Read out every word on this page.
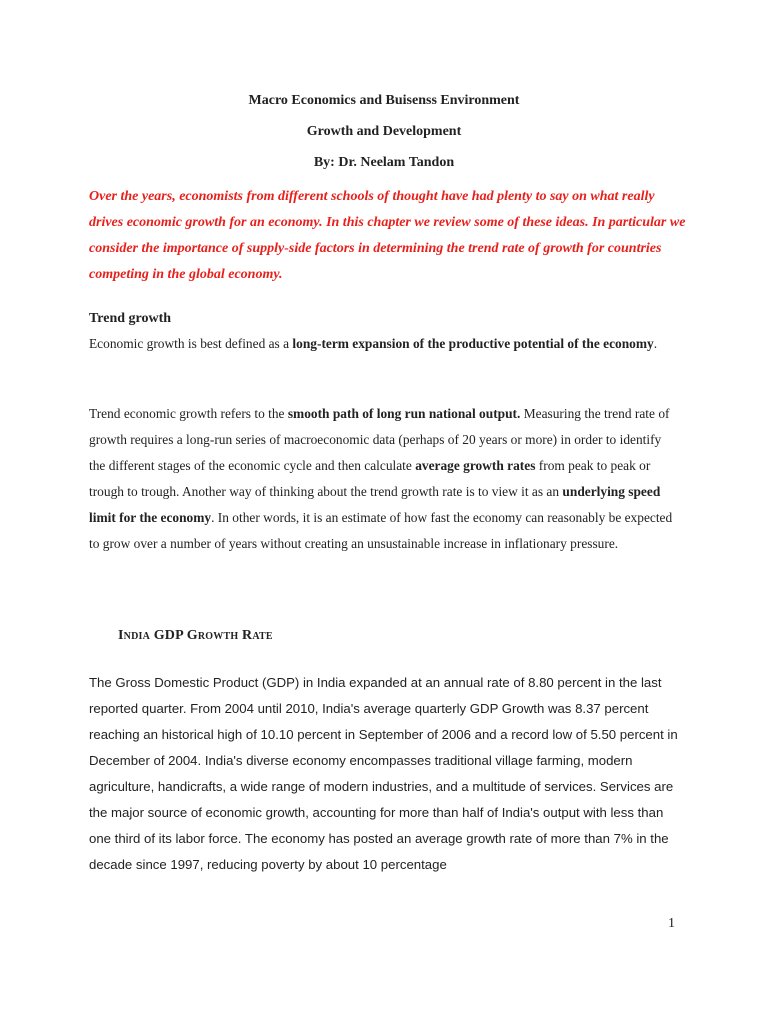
Macro Economics and Buisenss Environment
Growth and Development
By: Dr. Neelam Tandon
Over the years, economists from different schools of thought have had plenty to say on what really drives economic growth for an economy. In this chapter we review some of these ideas. In particular we consider the importance of supply-side factors in determining the trend rate of growth for countries competing in the global economy.
Trend growth
Economic growth is best defined as a long-term expansion of the productive potential of the economy.
Trend economic growth refers to the smooth path of long run national output. Measuring the trend rate of growth requires a long-run series of macroeconomic data (perhaps of 20 years or more) in order to identify the different stages of the economic cycle and then calculate average growth rates from peak to peak or trough to trough. Another way of thinking about the trend growth rate is to view it as an underlying speed limit for the economy. In other words, it is an estimate of how fast the economy can reasonably be expected to grow over a number of years without creating an unsustainable increase in inflationary pressure.
India GDP Growth Rate
The Gross Domestic Product (GDP) in India expanded at an annual rate of 8.80 percent in the last reported quarter. From 2004 until 2010, India's average quarterly GDP Growth was 8.37 percent reaching an historical high of 10.10 percent in September of 2006 and a record low of 5.50 percent in December of 2004. India's diverse economy encompasses traditional village farming, modern agriculture, handicrafts, a wide range of modern industries, and a multitude of services. Services are the major source of economic growth, accounting for more than half of India's output with less than one third of its labor force. The economy has posted an average growth rate of more than 7% in the decade since 1997, reducing poverty by about 10 percentage
1
